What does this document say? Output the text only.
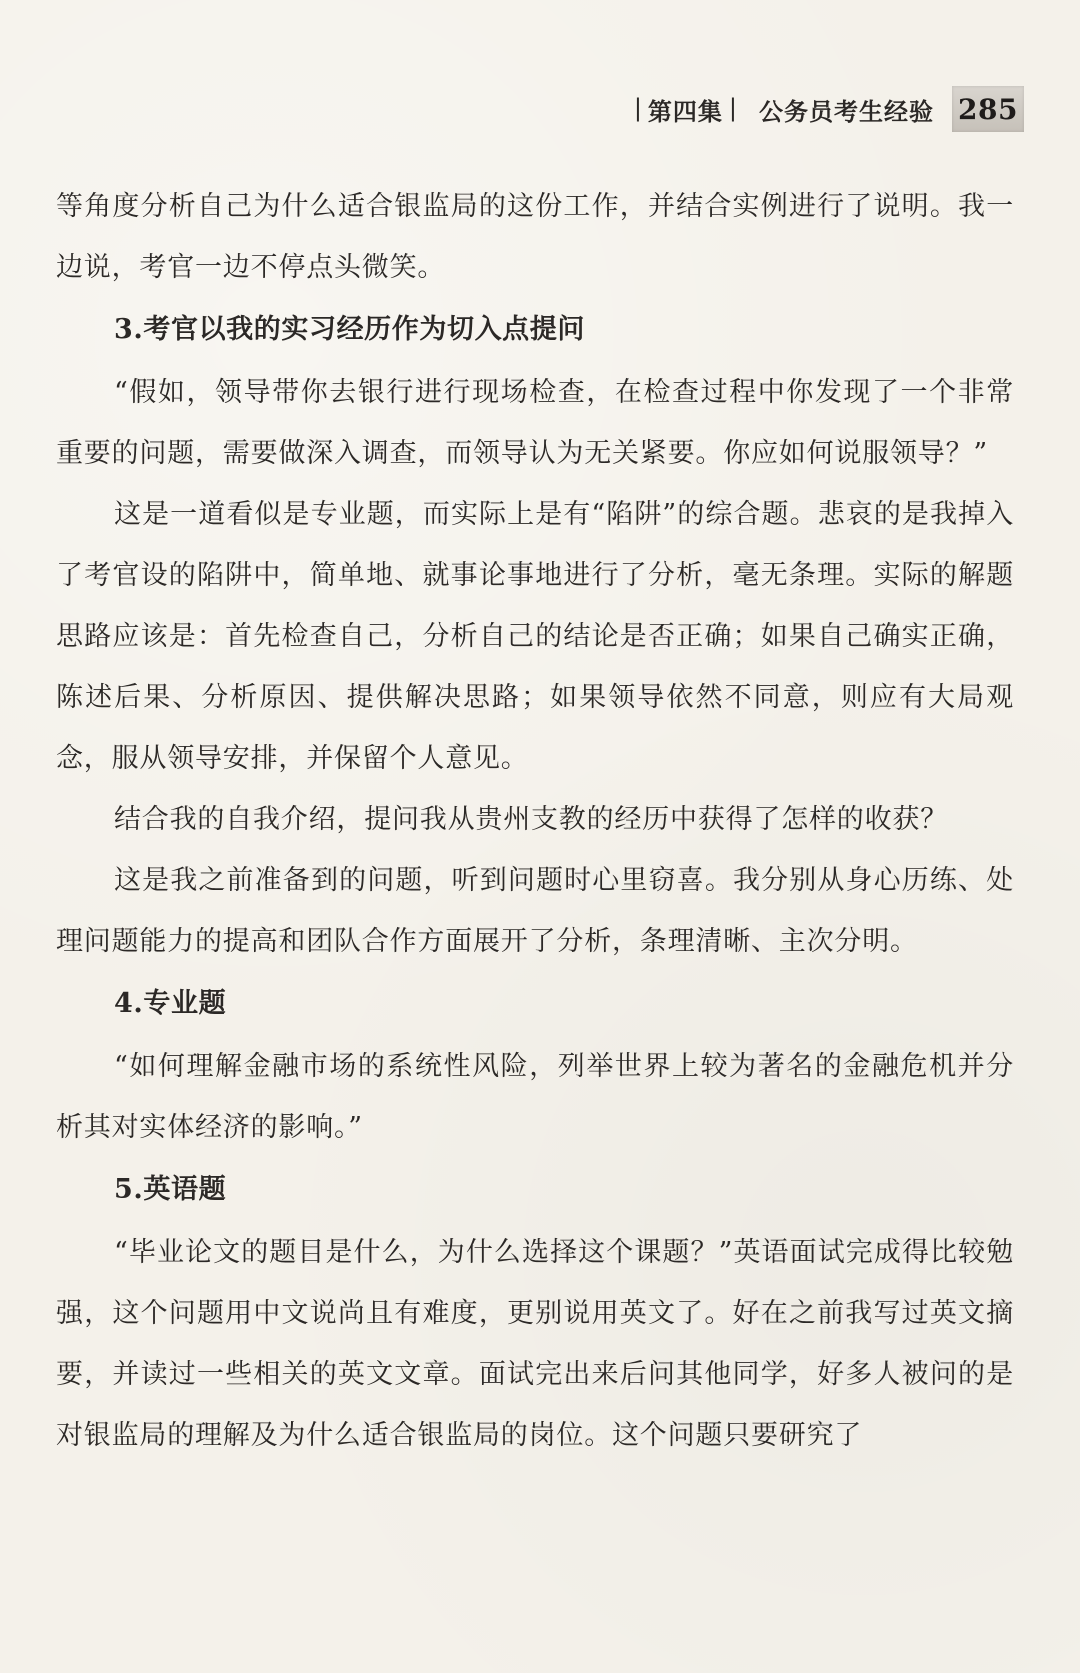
| 第四集 | 公务员考生经验 285

等角度分析自己为什么适合银监局的这份工作，并结合实例进行了说明。我一边说，考官一边不停点头微笑。

3.考官以我的实习经历作为切入点提问

“假如，领导带你去银行进行现场检查，在检查过程中你发现了一个非常重要的问题，需要做深入调查，而领导认为无关紧要。你应如何说服领导？”

这是一道看似是专业题，而实际上是有“陷阱”的综合题。悲哀的是我掉入了考官设的陷阱中，简单地、就事论事地进行了分析，毫无条理。实际的解题思路应该是：首先检查自己，分析自己的结论是否正确；如果自己确实正确，陈述后果、分析原因、提供解决思路；如果领导依然不同意，则应有大局观念，服从领导安排，并保留个人意见。

结合我的自我介绍，提问我从贵州支教的经历中获得了怎样的收获？

这是我之前准备到的问题，听到问题时心里窃喜。我分别从身心历练、处理问题能力的提高和团队合作方面展开了分析，条理清晰、主次分明。

4.专业题

“如何理解金融市场的系统性风险，列举世界上较为著名的金融危机并分析其对实体经济的影响。”

5.英语题

“毕业论文的题目是什么，为什么选择这个课题？”英语面试完成得比较勉强，这个问题用中文说尚且有难度，更别说用英文了。好在之前我写过英文摘要，并读过一些相关的英文文章。面试完出来后问其他同学，好多人被问的是对银监局的理解及为什么适合银监局的岗位。这个问题只要研究了
